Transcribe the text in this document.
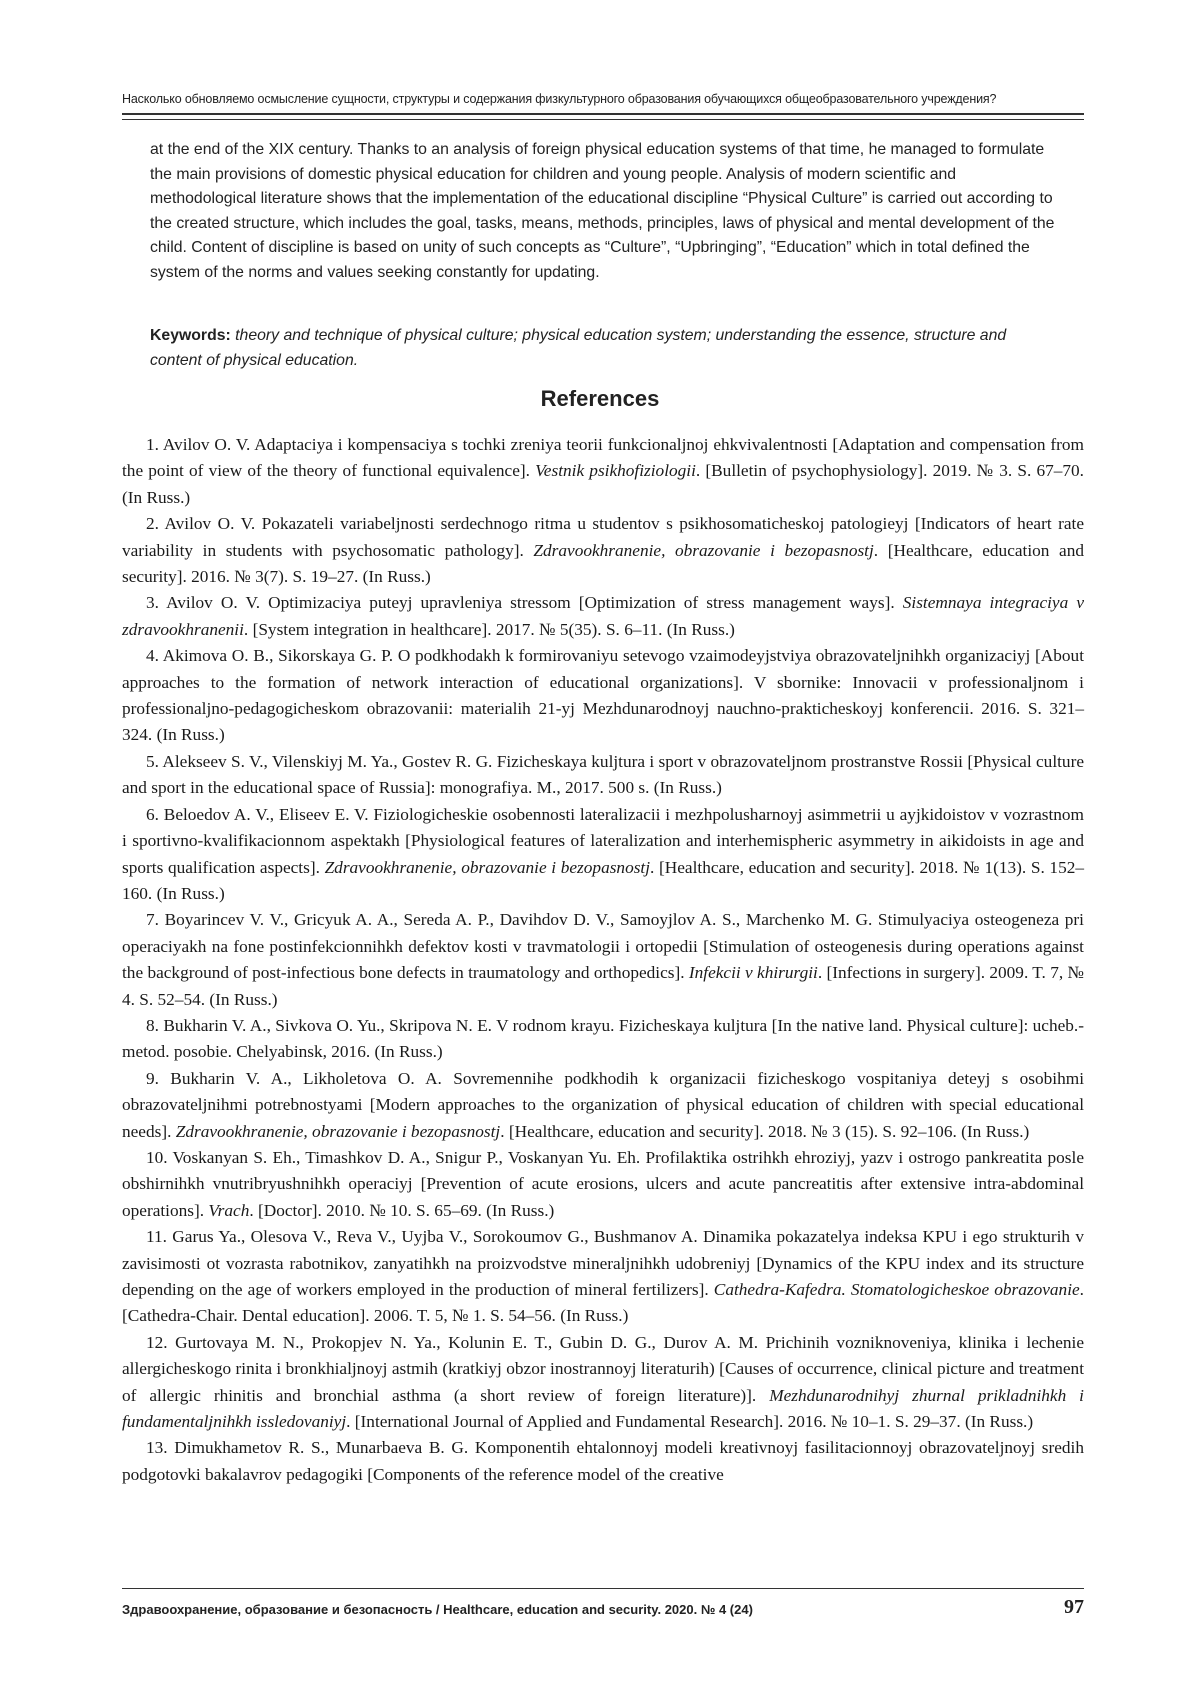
Насколько обновляемо осмысление сущности, структуры и содержания физкультурного образования обучающихся общеобразовательного учреждения?

at the end of the XIX century. Thanks to an analysis of foreign physical education systems of that time, he managed to formulate the main provisions of domestic physical education for children and young people. Analysis of modern scientific and methodological literature shows that the implementation of the educational discipline “Physical Culture” is carried out according to the created structure, which includes the goal, tasks, means, methods, principles, laws of physical and mental development of the child. Content of discipline is based on unity of such concepts as “Culture”, “Upbringing”, “Education” which in total defined the system of the norms and values seeking constantly for updating.

Keywords: theory and technique of physical culture; physical education system; understanding the essence, structure and content of physical education.

References
1. Avilov O. V. Adaptaciya i kompensaciya s tochki zreniya teorii funkcionaljnoj ehkvivalentnosti [Adaptation and compensation from the point of view of the theory of functional equivalence]. Vestnik psikhofiziologii. [Bulletin of psychophysiology]. 2019. № 3. S. 67–70. (In Russ.)
2. Avilov O. V. Pokazateli variabeljnosti serdechnogo ritma u studentov s psikhosomaticheskoj patologieyj [Indicators of heart rate variability in students with psychosomatic pathology]. Zdravookhranenie, obrazovanie i bezopasnostj. [Healthcare, education and security]. 2016. № 3(7). S. 19–27. (In Russ.)
3. Avilov O. V. Optimizaciya puteyj upravleniya stressom [Optimization of stress management ways]. Sistemnaya integraciya v zdravookhranenii. [System integration in healthcare]. 2017. № 5(35). S. 6–11. (In Russ.)
4. Akimova O. B., Sikorskaya G. P. O podkhodakh k formirovaniyu setevogo vzaimodeyjstviya obrazovateljnihkh organizaciyj [About approaches to the formation of network interaction of educational organizations]. V sbornike: Innovacii v professionaljnom i professionaljno-pedagogicheskom obrazovanii: materialih 21-yj Mezhdunarodnoyj nauchno-prakticheskoyj konferencii. 2016. S. 321–324. (In Russ.)
5. Alekseev S. V., Vilenskiyj M. Ya., Gostev R. G. Fizicheskaya kuljtura i sport v obrazovateljnom prostranstve Rossii [Physical culture and sport in the educational space of Russia]: monografiya. M., 2017. 500 s. (In Russ.)
6. Beloedov A. V., Eliseev E. V. Fiziologicheskie osobennosti lateralizacii i mezhpolusharnoyj asimmetrii u ayjkidoistov v vozrastnom i sportivno-kvalifikacionnom aspektakh [Physiological features of lateralization and interhemispheric asymmetry in aikidoists in age and sports qualification aspects]. Zdravookhranenie, obrazovanie i bezopasnostj. [Healthcare, education and security]. 2018. № 1(13). S. 152–160. (In Russ.)
7. Boyarincev V. V., Gricyuk A. A., Sereda A. P., Davihdov D. V., Samoyjlov A. S., Marchenko M. G. Stimulyaciya osteogeneza pri operaciyakh na fone postinfekcionnihkh defektov kosti v travmatologii i ortopedii [Stimulation of osteogenesis during operations against the background of post-infectious bone defects in traumatology and orthopedics]. Infekcii v khirurgii. [Infections in surgery]. 2009. T. 7, № 4. S. 52–54. (In Russ.)
8. Bukharin V. A., Sivkova O. Yu., Skripova N. E. V rodnom krayu. Fizicheskaya kuljtura [In the native land. Physical culture]: ucheb.-metod. posobie. Chelyabinsk, 2016. (In Russ.)
9. Bukharin V. A., Likholetova O. A. Sovremennihe podkhodih k organizacii fizicheskogo vospitaniya deteyj s osobihmi obrazovateljnihmi potrebnostyami [Modern approaches to the organization of physical education of children with special educational needs]. Zdravookhranenie, obrazovanie i bezopasnostj. [Healthcare, education and security]. 2018. № 3 (15). S. 92–106. (In Russ.)
10. Voskanyan S. Eh., Timashkov D. A., Snigur P., Voskanyan Yu. Eh. Profilaktika ostrihkh ehroziyj, yazv i ostrogo pankreatita posle obshirnihkh vnutribryushnihkh operaciyj [Prevention of acute erosions, ulcers and acute pancreatitis after extensive intra-abdominal operations]. Vrach. [Doctor]. 2010. № 10. S. 65–69. (In Russ.)
11. Garus Ya., Olesova V., Reva V., Uyjba V., Sorokoumov G., Bushmanov A. Dinamika pokazatelya indeksa KPU i ego strukturih v zavisimosti ot vozrasta rabotnikov, zanyatihkh na proizvodstve mineraljnihkh udobreniyj [Dynamics of the KPU index and its structure depending on the age of workers employed in the production of mineral fertilizers]. Cathedra-Kafedra. Stomatologicheskoe obrazovanie. [Cathedra-Chair. Dental education]. 2006. T. 5, № 1. S. 54–56. (In Russ.)
12. Gurtovaya M. N., Prokopjev N. Ya., Kolunin E. T., Gubin D. G., Durov A. M. Prichinih vozniknoveniya, klinika i lechenie allergicheskogo rinita i bronkhialjnoyj astmih (kratkiyj obzor inostrannoyj literaturih) [Causes of occurrence, clinical picture and treatment of allergic rhinitis and bronchial asthma (a short review of foreign literature)]. Mezhdunarodnihyj zhurnal prikladnihkh i fundamentaljnihkh issledovaniyj. [International Journal of Applied and Fundamental Research]. 2016. № 10–1. S. 29–37. (In Russ.)
13. Dimukhametov R. S., Munarbaeva B. G. Komponentih ehtalonnoyj modeli kreativnoyj fasilitacionnoyj obrazovateljnoyj sredih podgotovki bakalavrov pedagogiki [Components of the reference model of the creative
Здравоохранение, образование и безопасность / Healthcare, education and security. 2020. № 4 (24)	97
